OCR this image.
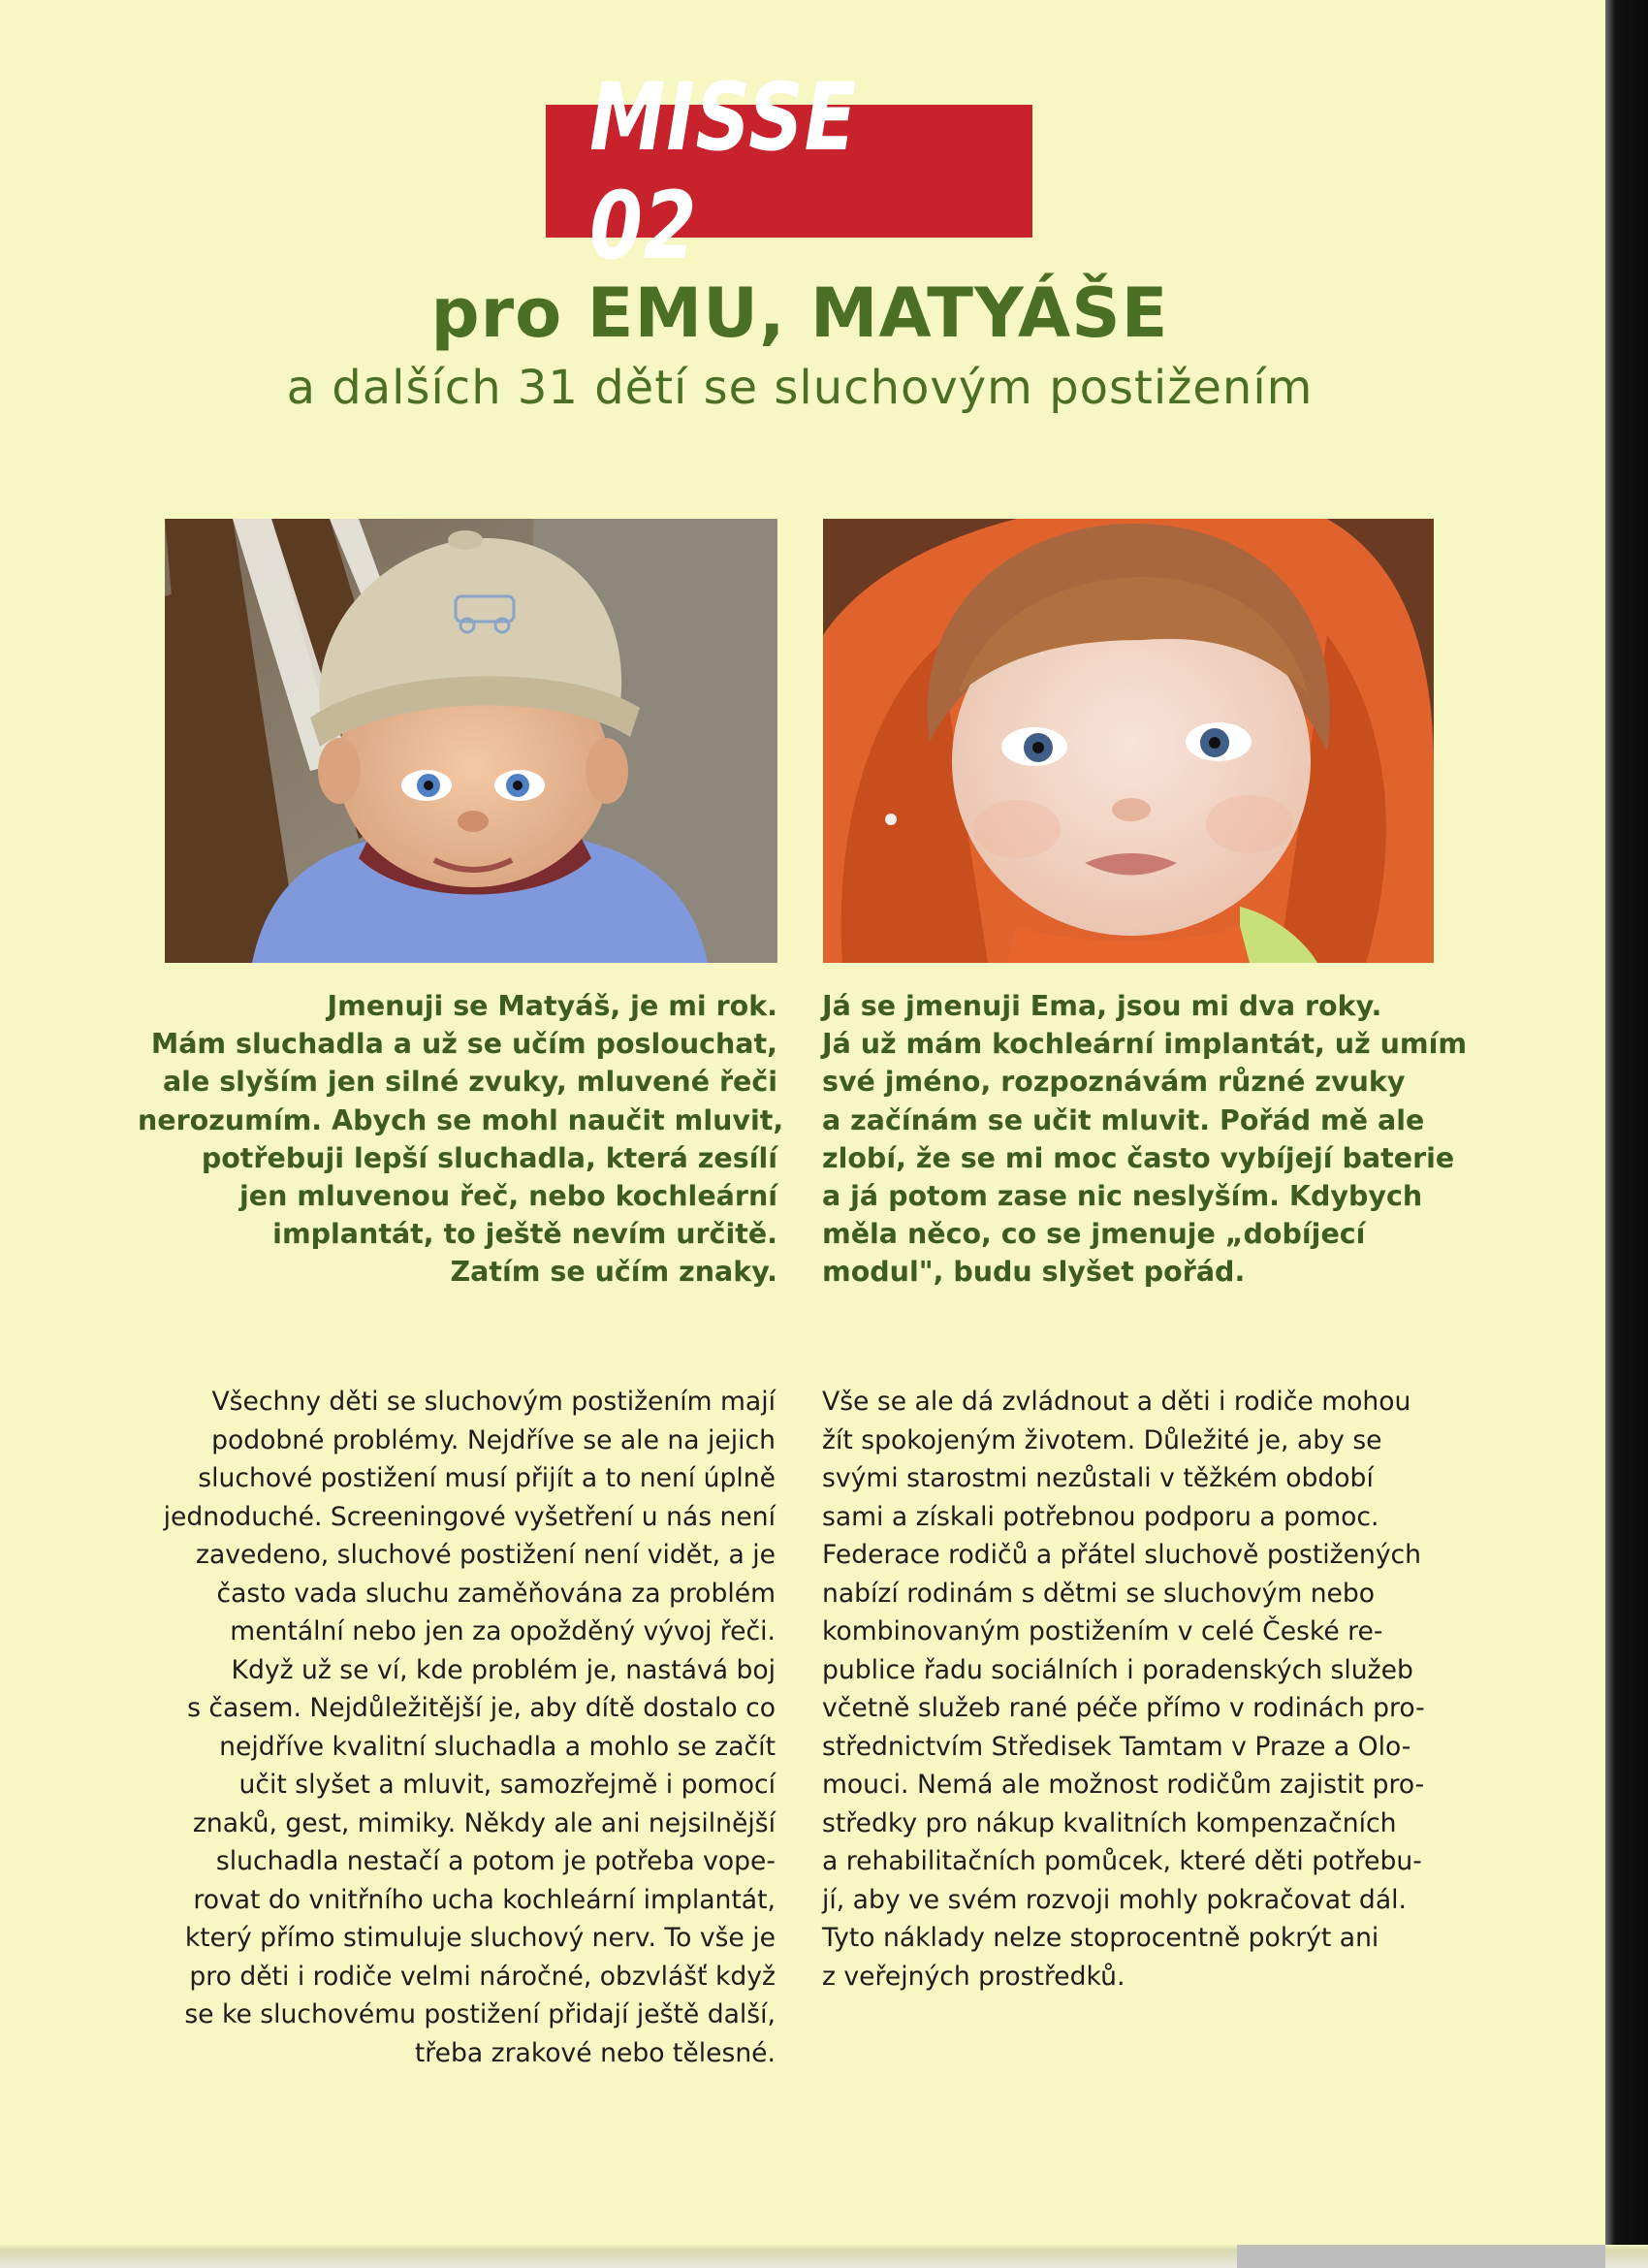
MISSE 02
pro EMU, MATYÁŠE
a dalších 31 dětí se sluchovým postižením
Jmenuji se Matyáš, je mi rok.
Mám sluchadla a už se učím poslouchat,
ale slyším jen silné zvuky, mluvené řeči
nerozumím. Abych se mohl naučit mluvit,
potřebuji lepší sluchadla, která zesílí
jen mluvenou řeč, nebo kochleární
implantát, to ještě nevím určitě.
Zatím se učím znaky.
Já se jmenuji Ema, jsou mi dva roky.
Já už mám kochleární implantát, už umím
své jméno, rozpoznávám různé zvuky
a začínám se učit mluvit. Pořád mě ale
zlobí, že se mi moc často vybíjejí baterie
a já potom zase nic neslyším. Kdybych
měla něco, co se jmenuje „dobíjecí
modul", budu slyšet pořád.
Všechny děti se sluchovým postižením mají
podobné problémy. Nejdříve se ale na jejich
sluchové postižení musí přijít a to není úplně
jednoduché. Screeningové vyšetření u nás není
zavedeno, sluchové postižení není vidět, a je
často vada sluchu zaměňována za problém
mentální nebo jen za opožděný vývoj řeči.
Když už se ví, kde problém je, nastává boj
s časem. Nejdůležitější je, aby dítě dostalo co
nejdříve kvalitní sluchadla a mohlo se začít
učit slyšet a mluvit, samozřejmě i pomocí
znaků, gest, mimiky. Někdy ale ani nejsilnější
sluchadla nestačí a potom je potřeba vope-
rovat do vnitřního ucha kochleární implantát,
který přímo stimuluje sluchový nerv. To vše je
pro děti i rodiče velmi náročné, obzvlášť když
se ke sluchovému postižení přidají ještě další,
třeba zrakové nebo tělesné.
Vše se ale dá zvládnout a děti i rodiče mohou
žít spokojeným životem. Důležité je, aby se
svými starostmi nezůstali v těžkém období
sami a získali potřebnou podporu a pomoc.
Federace rodičů a přátel sluchově postižených
nabízí rodinám s dětmi se sluchovým nebo
kombinovaným postižením v celé České re-
publice řadu sociálních i poradenských služeb
včetně služeb rané péče přímo v rodinách pro-
střednictvím Středisek Tamtam v Praze a Olo-
mouci. Nemá ale možnost rodičům zajistit pro-
středky pro nákup kvalitních kompenzačních
a rehabilitačních pomůcek, které děti potřebu-
jí, aby ve svém rozvoji mohly pokračovat dál.
Tyto náklady nelze stoprocentně pokrýt ani
z veřejných prostředků.
